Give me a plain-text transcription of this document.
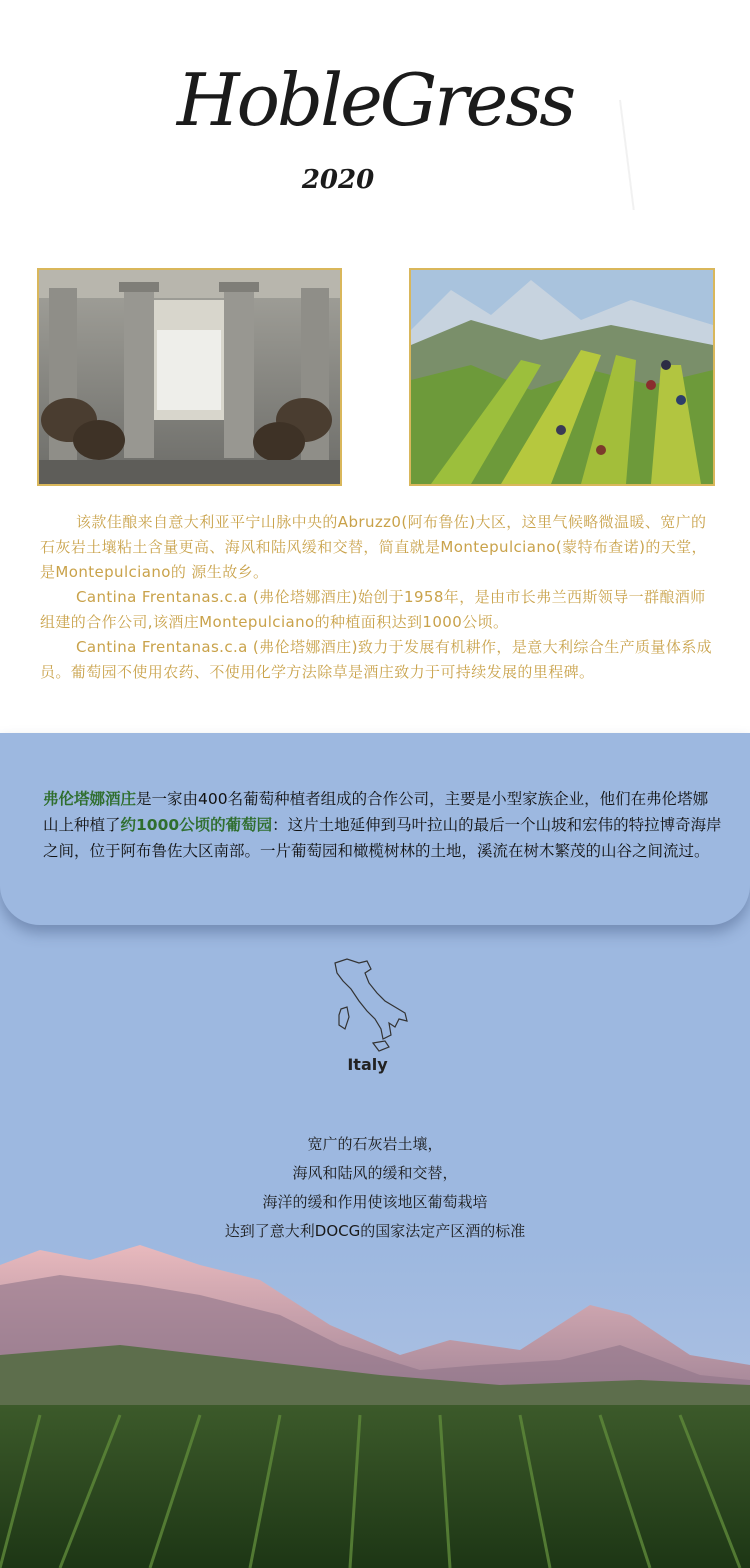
HobleGress
2020

该款佳酿来自意大利亚平宁山脉中央的Abruzz0(阿布鲁佐)大区，这里气候略微温暖、宽广的石灰岩土壤粘土含量更高、海风和陆风缓和交替，简直就是Montepulciano(蒙特布查诺)的天堂，是Montepulciano的 源生故乡。

Cantina Frentanas.c.a (弗伦塔娜酒庄)始创于1958年，是由市长弗兰西斯领导一群酿酒师组建的合作公司,该酒庄Montepulciano的种植面积达到1000公顷。

Cantina Frentanas.c.a (弗伦塔娜酒庄)致力于发展有机耕作，是意大利综合生产质量体系成员。葡萄园不使用农药、不使用化学方法除草是酒庄致力于可持续发展的里程碑。

弗伦塔娜酒庄是一家由400名葡萄种植者组成的合作公司，主要是小型家族企业，他们在弗伦塔娜山上种植了约1000公顷的葡萄园：这片土地延伸到马叶拉山的最后一个山坡和宏伟的特拉博奇海岸之间，位于阿布鲁佐大区南部。一片葡萄园和橄榄树林的土地，溪流在树木繁茂的山谷之间流过。
Italy
宽广的石灰岩土壤，
海风和陆风的缓和交替，
海洋的缓和作用使该地区葡萄栽培
达到了意大利DOCG的国家法定产区酒的标准
